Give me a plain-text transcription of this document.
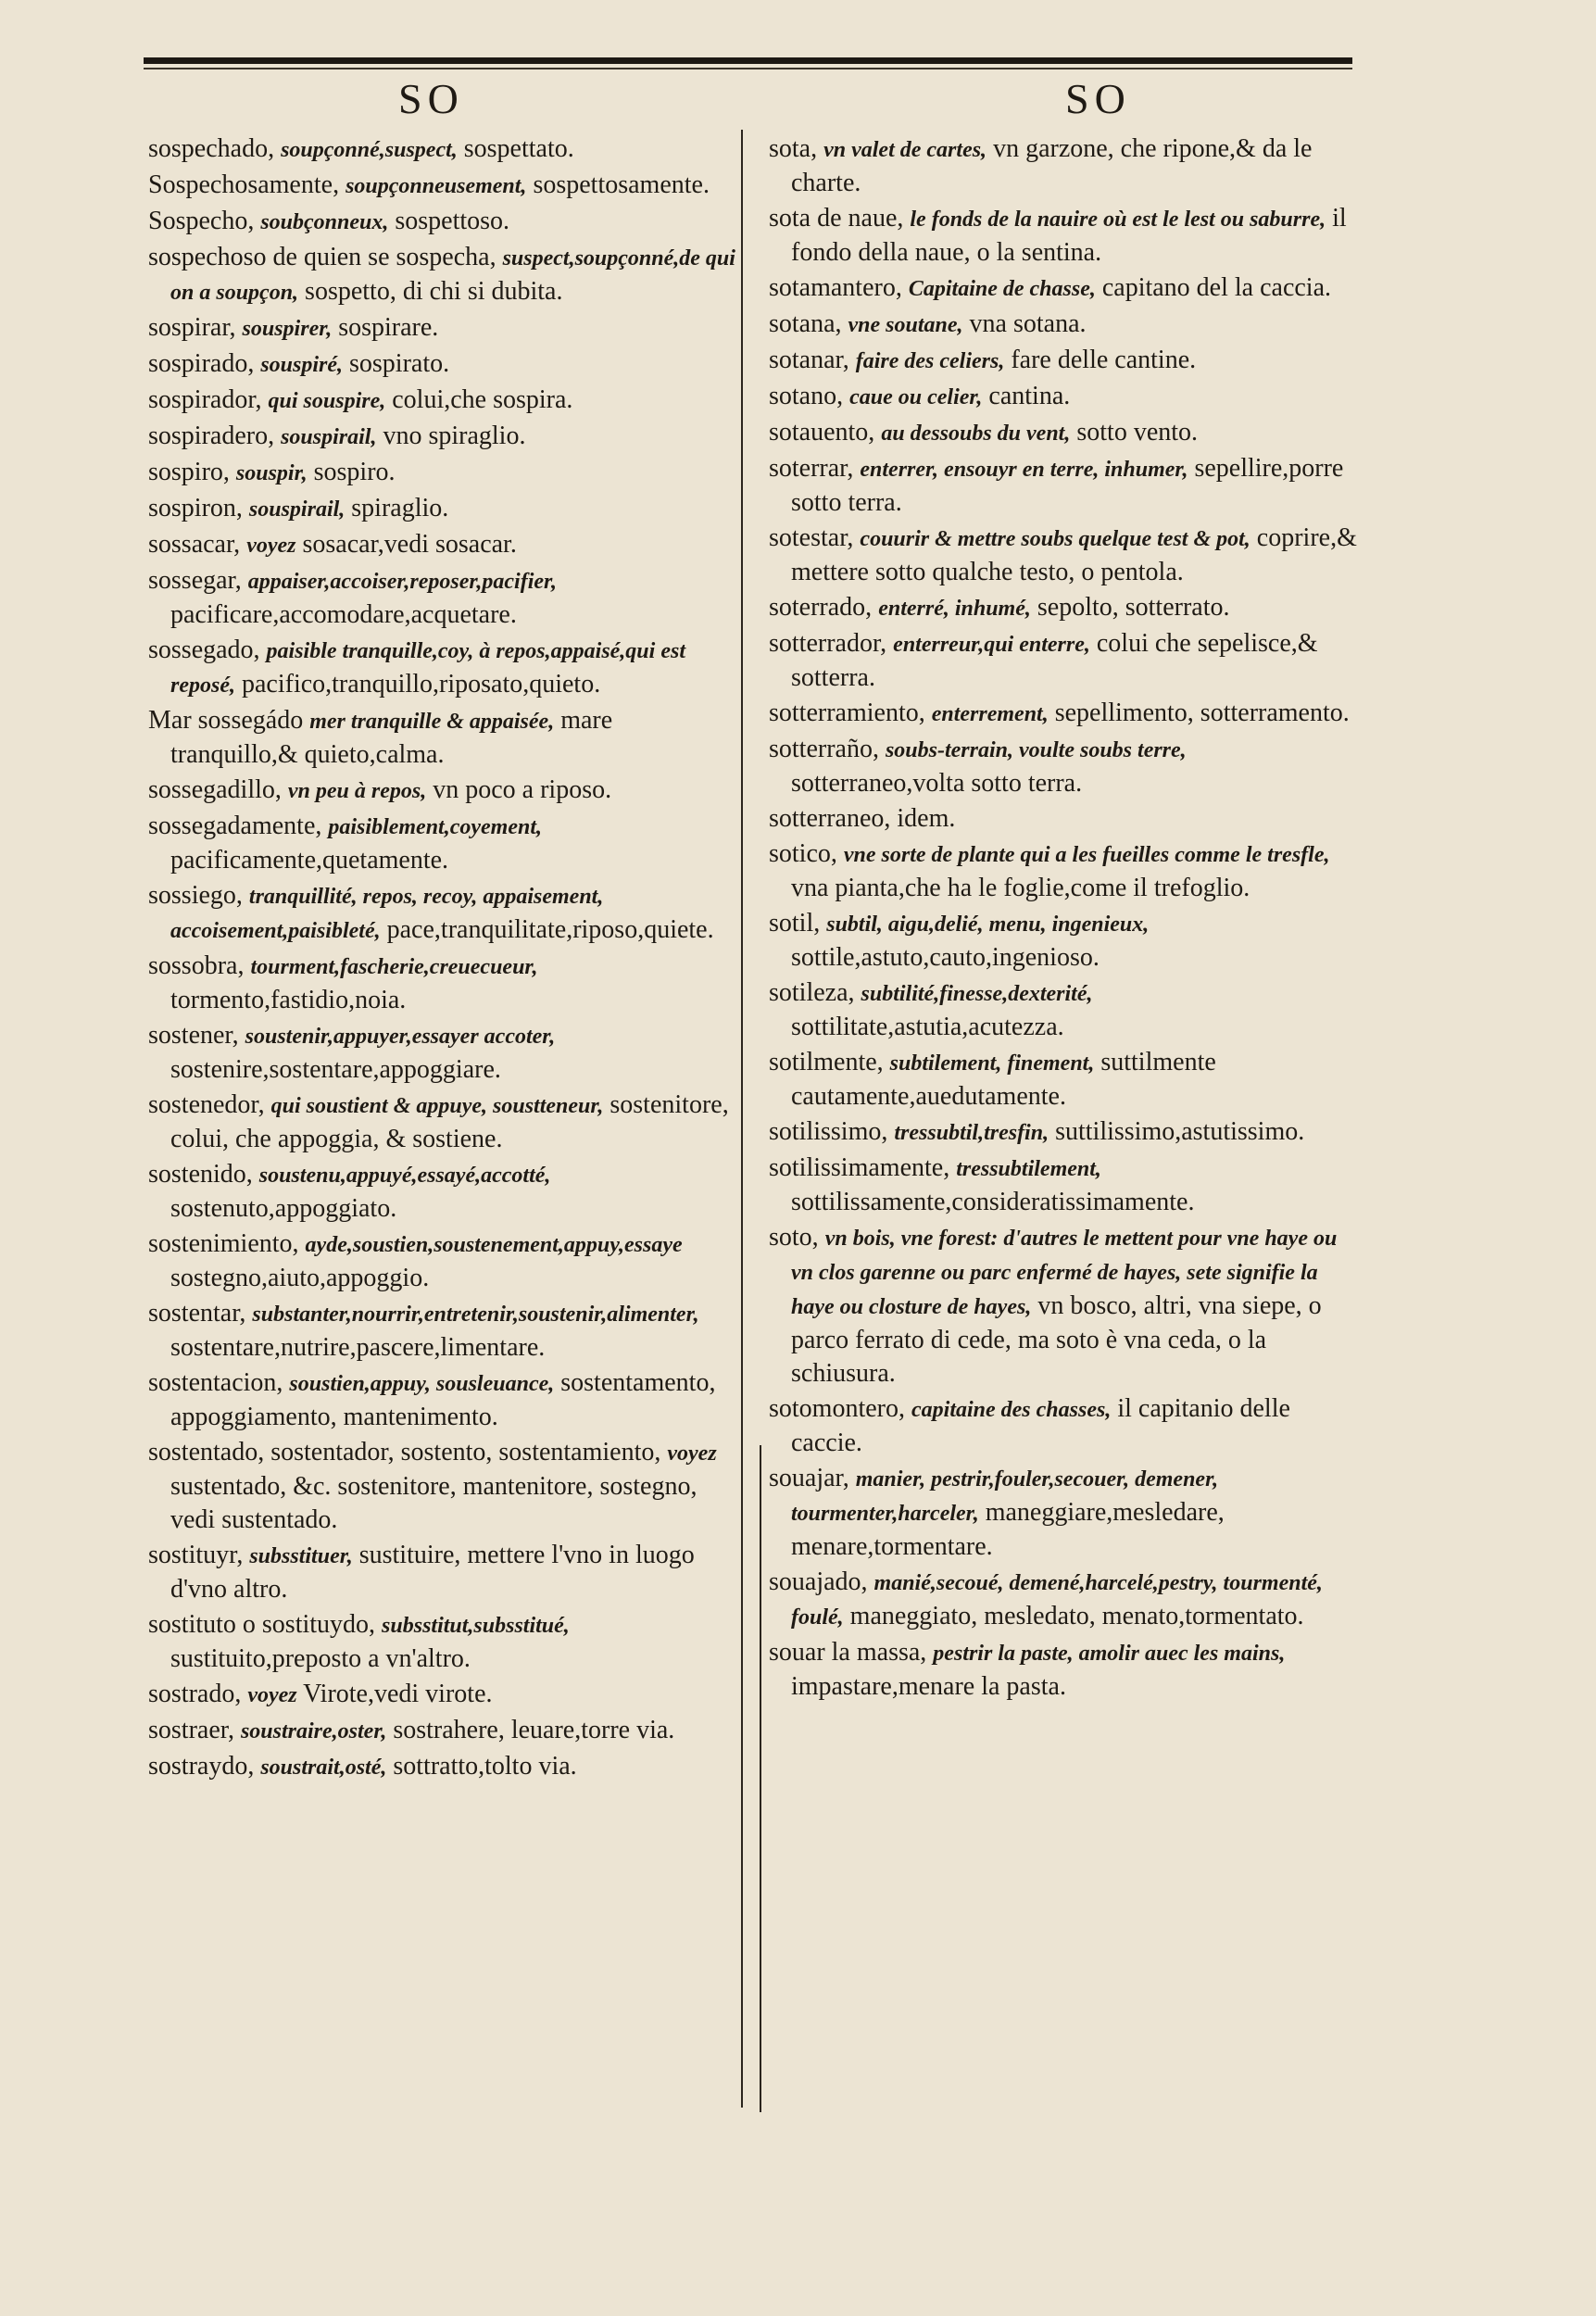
SO	SO
sospechado, soupçonné,suspect, sospettato.
Sospechosamente, soupçonneusement, sospettosamente.
Sospecho, soubçonneux, sospettoso.
sospechoso de quien se sospecha, suspect,soupçonné,de qui on a soupçon, sospetto, di chi si dubita.
sospirar, souspirer, sospirare.
sospirado, souspiré, sospirato.
sospirador, qui souspire, colui,che sospira.
sospiradero, souspirail, vno spiraglio.
sospiro, souspir, sospiro.
sospiron, souspirail, spiraglio.
sossacar, voyez sosacar,vedi sosacar.
sossegar, appaiser,accoiser,reposer,pacifier, pacificare,accomodare,acquetare.
sossegado, paisible tranquille,coy, à repos,appaisé,qui est reposé, pacifico,tranquillo,riposato,quieto.
Mar sossegádo mer tranquille & appaisée, mare tranquillo,& quieto,calma.
sossegadillo, vn peu à repos, vn poco a riposo.
sossegadamente, paisiblement,coyement, pacificamente,quetamente.
sossiego, tranquillité, repos, recoy, appaisement, accoisement,paisibleté, pace,tranquilitate,riposo,quiete.
sossobra, tourment,fascherie,creuecueur, tormento,fastidio,noia.
sostener, soustenir,appuyer,essayer accoter, sostenire,sostentare,appoggiare.
sostenedor, qui soustient & appuye, soustteneur, sostenitore, colui, che appoggia, & sostiene.
sostenido, soustenu,appuyé,essayé,accotté, sostenuto,appoggiato.
sostenimiento, ayde,soustien,soustenement,appuy,essaye sostegno,aiuto,appoggio.
sostentar, substanter,nourrir,entretenir,soustenir,alimenter, sostentare,nutrire,pascere,limentare.
sostentacion, soustien,appuy, sousleuance, sostentamento, appoggiamento, mantenimento.
sostentado, sostentador, sostento, sostentamiento, voyez sustentado, &c. sostenitore, mantenitore, sostegno, vedi sustentado.
sostituyr, subsstituer, sustituire, mettere l'vno in luogo d'vno altro.
sostituto o sostituydo, subsstitut,subsstitué, sustituito,preposto a vn'altro.
sostrado, voyez Virote,vedi virote.
sostraer, soustraire,oster, sostrahere, leuare,torre via.
sostraydo, soustrait,osté, sottratto,tolto via.
sota, vn valet de cartes, vn garzone, che ripone,& da le charte.
sota de naue, le fonds de la nauire où est le lest ou saburre, il fondo della naue, o la sentina.
sotamantero, Capitaine de chasse, capitano del la caccia.
sotana, vne soutane, vna sotana.
sotanar, faire des celiers, fare delle cantine.
sotano, caue ou celier, cantina.
sotauento, au dessoubs du vent, sotto vento.
soterrar, enterrer, ensouyr en terre, inhumer, sepellire,porre sotto terra.
sotestar, couurir & mettre soubs quelque test & pot, coprire,& mettere sotto qualche testo, o pentola.
soterrado, enterré, inhumé, sepolto, sotterrato.
sotterrador, enterreur,qui enterre, colui che sepelisce,& sotterra.
sotterramiento, enterrement, sepellimento, sotterramento.
sotterraño, soubs-terrain, voulte soubs terre, sotterraneo,volta sotto terra.
sotterraneo, idem.
sotico, vne sorte de plante qui a les fueilles comme le tresfle, vna pianta,che ha le foglie,come il trefoglio.
sotil, subtil, aigu,delié, menu, ingenieux, sottile,astuto,cauto,ingenioso.
sotileza, subtilité,finesse,dexterité, sottilitate,astutia,acutezza.
sotilmente, subtilement, finement, suttilmente cautamente,auedutamente.
sotilissimo, tressubtil,tresfin, suttilissimo,astutissimo.
sotilissimamente, tressubtilement, sottilissamente,consideratissimamente.
soto, vn bois, vne forest: d'autres le mettent pour vne haye ou vn clos garenne ou parc enfermé de hayes, sete signifie la haye ou closture de hayes, vn bosco, altri, vna siepe, o parco ferrato di cede, ma soto è vna ceda, o la schiusura.
sotomontero, capitaine des chasses, il capitanio delle caccie.
souajar, manier, pestrir,fouler,secouer, demener, tourmenter,harceler, maneggiare,mesledare, menare,tormentare.
souajado, manié,secoué, demené,harcelé,pestry, tourmenté, foulé, maneggiato, mesledato, menato,tormentato.
souar la massa, pestrir la paste, amolir auec les mains, impastare,menare la pasta.
